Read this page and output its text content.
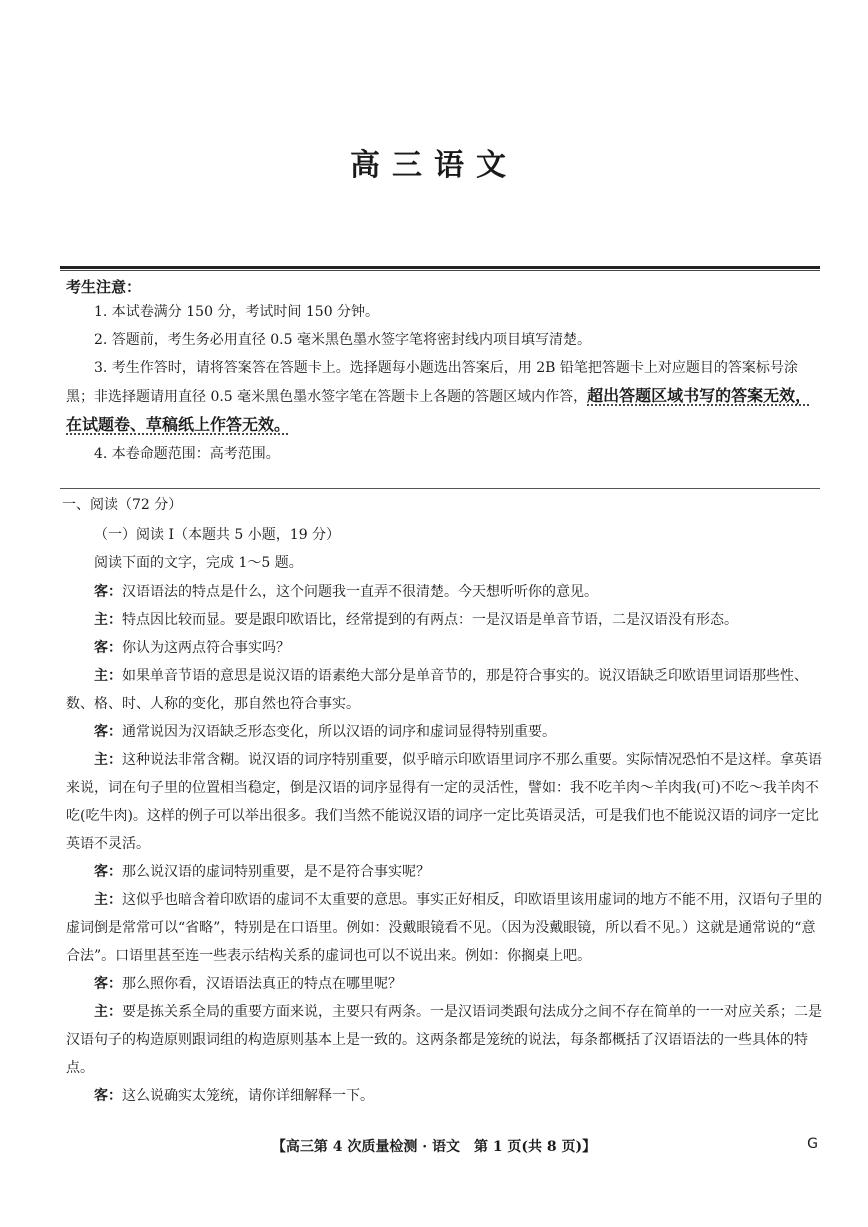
高三语文
考生注意：

1. 本试卷满分 150 分，考试时间 150 分钟。

2. 答题前，考生务必用直径 0.5 毫米黑色墨水签字笔将密封线内项目填写清楚。

3. 考生作答时，请将答案答在答题卡上。选择题每小题选出答案后，用 2B 铅笔把答题卡上对应题目的答案标号涂黑；非选择题请用直径 0.5 毫米黑色墨水签字笔在答题卡上各题的答题区域内作答，超出答题区域书写的答案无效，在试题卷、草稿纸上作答无效。

4. 本卷命题范围：高考范围。

一、阅读（72 分）
（一）阅读 Ⅰ（本题共 5 小题，19 分）
阅读下面的文字，完成 1～5 题。

客：汉语语法的特点是什么，这个问题我一直弄不很清楚。今天想听听你的意见。

主：特点因比较而显。要是跟印欧语比，经常提到的有两点：一是汉语是单音节语，二是汉语没有形态。

客：你认为这两点符合事实吗？

主：如果单音节语的意思是说汉语的语素绝大部分是单音节的，那是符合事实的。说汉语缺乏印欧语里词语那些性、数、格、时、人称的变化，那自然也符合事实。

客：通常说因为汉语缺乏形态变化，所以汉语的词序和虚词显得特别重要。

主：这种说法非常含糊。说汉语的词序特别重要，似乎暗示印欧语里词序不那么重要。实际情况恐怕不是这样。拿英语来说，词在句子里的位置相当稳定，倒是汉语的词序显得有一定的灵活性，譬如：我不吃羊肉～羊肉我(可)不吃～我羊肉不吃(吃牛肉)。这样的例子可以举出很多。我们当然不能说汉语的词序一定比英语灵活，可是我们也不能说汉语的词序一定比英语不灵活。

客：那么说汉语的虚词特别重要，是不是符合事实呢？

主：这似乎也暗含着印欧语的虚词不太重要的意思。事实正好相反，印欧语里该用虚词的地方不能不用，汉语句子里的虚词倒是常常可以“省略”，特别是在口语里。例如：没戴眼镜看不见。（因为没戴眼镜，所以看不见。）这就是通常说的“意合法”。口语里甚至连一些表示结构关系的虚词也可以不说出来。例如：你搁桌上吧。

客：那么照你看，汉语语法真正的特点在哪里呢？

主：要是拣关系全局的重要方面来说，主要只有两条。一是汉语词类跟句法成分之间不存在简单的一一对应关系；二是汉语句子的构造原则跟词组的构造原则基本上是一致的。这两条都是笼统的说法，每条都概括了汉语语法的一些具体的特点。

客：这么说确实太笼统，请你详细解释一下。

【高三第 4 次质量检测 · 语文　第 1 页(共 8 页)】	G
